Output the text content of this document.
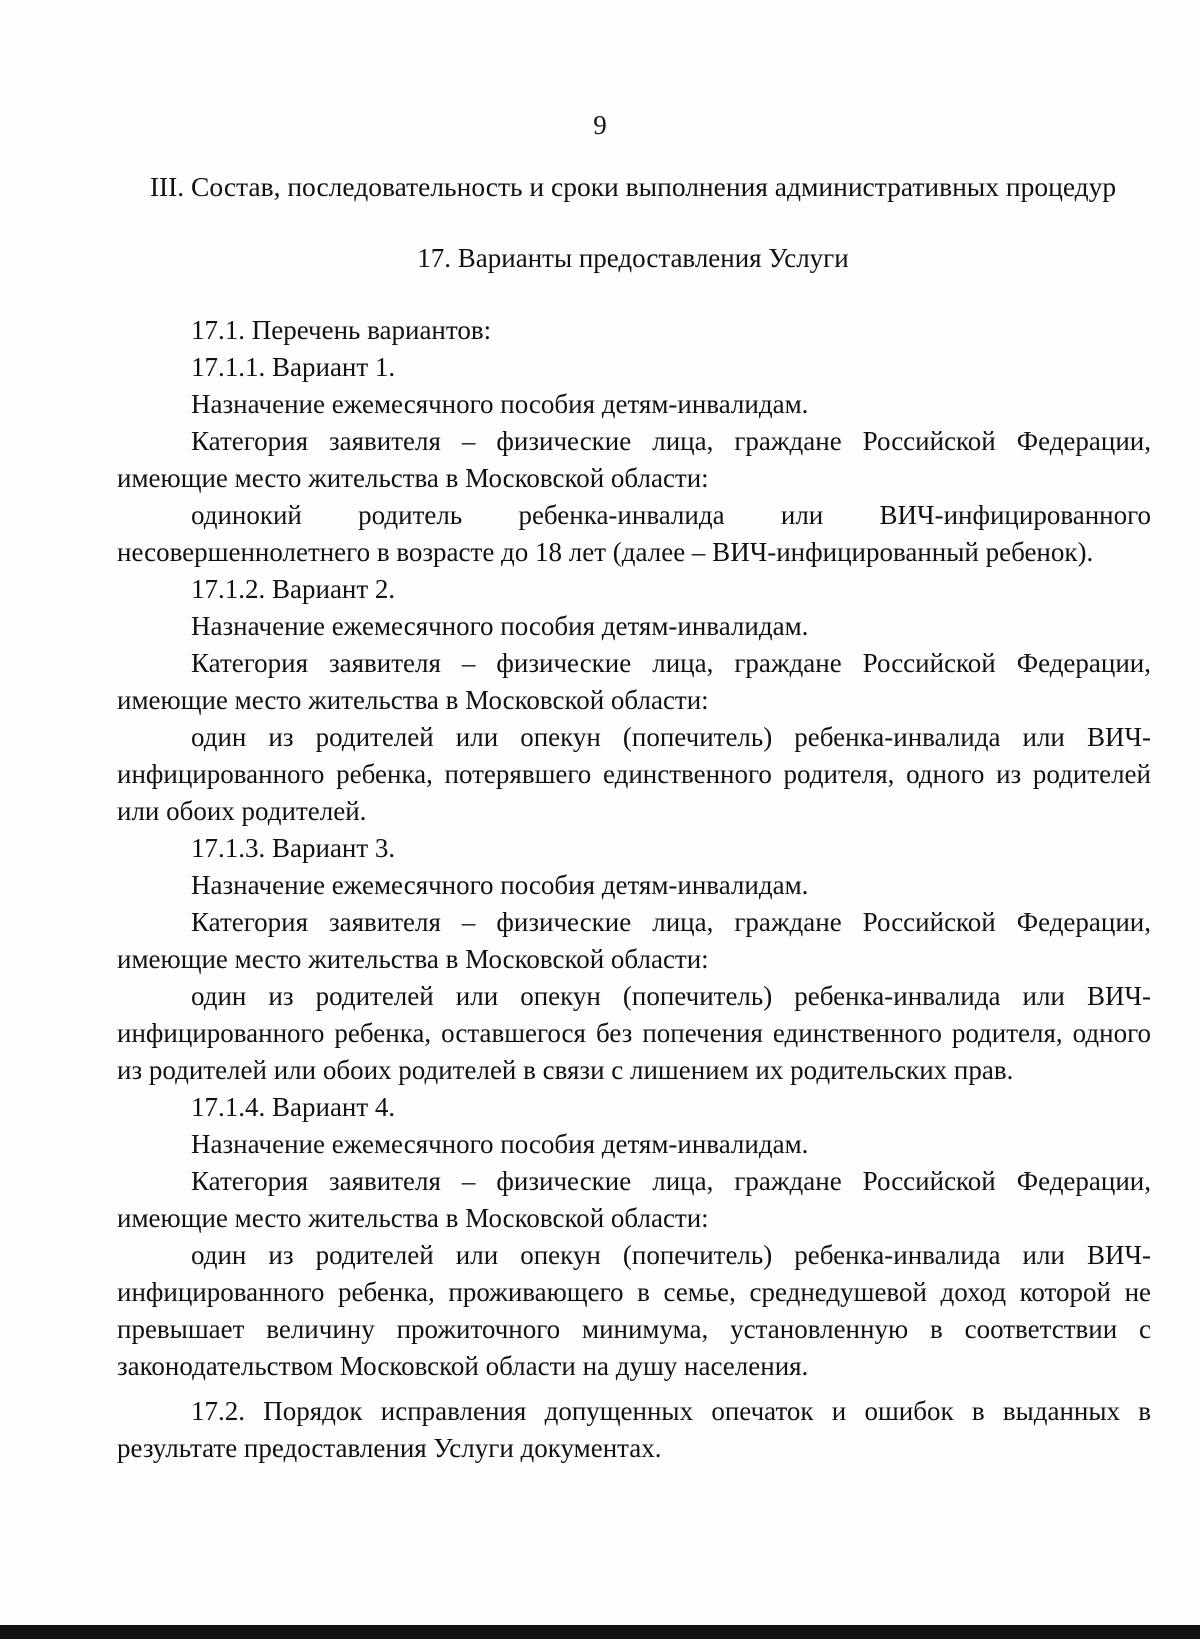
9
III. Состав, последовательность и сроки выполнения административных процедур
17. Варианты предоставления Услуги

17.1. Перечень вариантов:

17.1.1. Вариант 1.

Назначение ежемесячного пособия детям-инвалидам.

Категория заявителя – физические лица, граждане Российской Федерации, имеющие место жительства в Московской области:

одинокий родитель ребенка-инвалида или ВИЧ-инфицированного несовершеннолетнего в возрасте до 18 лет (далее – ВИЧ-инфицированный ребенок).

17.1.2. Вариант 2.

Назначение ежемесячного пособия детям-инвалидам.

Категория заявителя – физические лица, граждане Российской Федерации, имеющие место жительства в Московской области:

один из родителей или опекун (попечитель) ребенка-инвалида или ВИЧ-инфицированного ребенка, потерявшего единственного родителя, одного из родителей или обоих родителей.

17.1.3. Вариант 3.

Назначение ежемесячного пособия детям-инвалидам.

Категория заявителя – физические лица, граждане Российской Федерации, имеющие место жительства в Московской области:

один из родителей или опекун (попечитель) ребенка-инвалида или ВИЧ-инфицированного ребенка, оставшегося без попечения единственного родителя, одного из родителей или обоих родителей в связи с лишением их родительских прав.

17.1.4. Вариант 4.

Назначение ежемесячного пособия детям-инвалидам.

Категория заявителя – физические лица, граждане Российской Федерации, имеющие место жительства в Московской области:

один из родителей или опекун (попечитель) ребенка-инвалида или ВИЧ-инфицированного ребенка, проживающего в семье, среднедушевой доход которой не превышает величину прожиточного минимума, установленную в соответствии с законодательством Московской области на душу населения.

17.2. Порядок исправления допущенных опечаток и ошибок в выданных в результате предоставления Услуги документах.
